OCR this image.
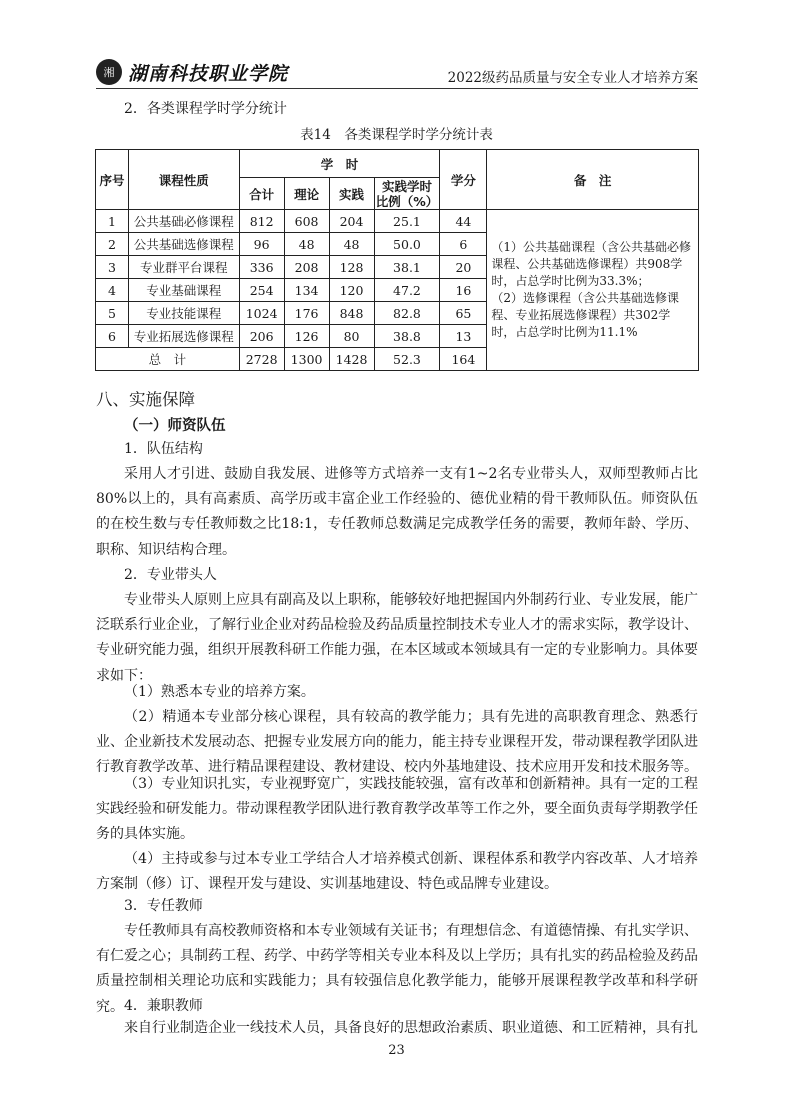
湘 湖南科技职业学院	2022级药品质量与安全专业人才培养方案
2．各类课程学时学分统计
表14　各类课程学时学分统计表
序号	课程性质	学　时				学分	备　注
		合计	理论	实践	实践学时
比例（%）		
1	公共基础必修课程	812	608	204	25.1	44	（1）公共基础课程（含公共基础必修课程、公共基础选修课程）共908学时，占总学时比例为33.3%；
（2）选修课程（含公共基础选修课程、专业拓展选修课程）共302学时，占总学时比例为11.1%

2	公共基础选修课程	96	48	48	50.0	6	
3	专业群平台课程	336	208	128	38.1	20	
4	专业基础课程	254	134	120	47.2	16	
5	专业技能课程	1024	176	848	82.8	65	
6	专业拓展选修课程	206	126	80	38.8	13	
总　计		2728	1300	1428	52.3	164	
八、实施保障
（一）师资队伍
1．队伍结构
采用人才引进、鼓励自我发展、进修等方式培养一支有1~2名专业带头人，双师型教师占比80%以上的，具有高素质、高学历或丰富企业工作经验的、德优业精的骨干教师队伍。师资队伍的在校生数与专任教师数之比18:1，专任教师总数满足完成教学任务的需要，教师年龄、学历、职称、知识结构合理。
2．专业带头人
专业带头人原则上应具有副高及以上职称，能够较好地把握国内外制药行业、专业发展，能广泛联系行业企业，了解行业企业对药品检验及药品质量控制技术专业人才的需求实际，教学设计、专业研究能力强，组织开展教科研工作能力强，在本区域或本领域具有一定的专业影响力。具体要求如下：
（1）熟悉本专业的培养方案。
（2）精通本专业部分核心课程，具有较高的教学能力；具有先进的高职教育理念、熟悉行业、企业新技术发展动态、把握专业发展方向的能力，能主持专业课程开发，带动课程教学团队进行教育教学改革、进行精品课程建设、教材建设、校内外基地建设、技术应用开发和技术服务等。
（3）专业知识扎实，专业视野宽广，实践技能较强，富有改革和创新精神。具有一定的工程实践经验和研发能力。带动课程教学团队进行教育教学改革等工作之外，要全面负责每学期教学任务的具体实施。
（4）主持或参与过本专业工学结合人才培养模式创新、课程体系和教学内容改革、人才培养方案制（修）订、课程开发与建设、实训基地建设、特色或品牌专业建设。
3．专任教师
专任教师具有高校教师资格和本专业领域有关证书；有理想信念、有道德情操、有扎实学识、有仁爱之心；具制药工程、药学、中药学等相关专业本科及以上学历；具有扎实的药品检验及药品质量控制相关理论功底和实践能力；具有较强信息化教学能力，能够开展课程教学改革和科学研究。 4．兼职教师
来自行业制造企业一线技术人员，具备良好的思想政治素质、职业道德、和工匠精神，具有扎
23
